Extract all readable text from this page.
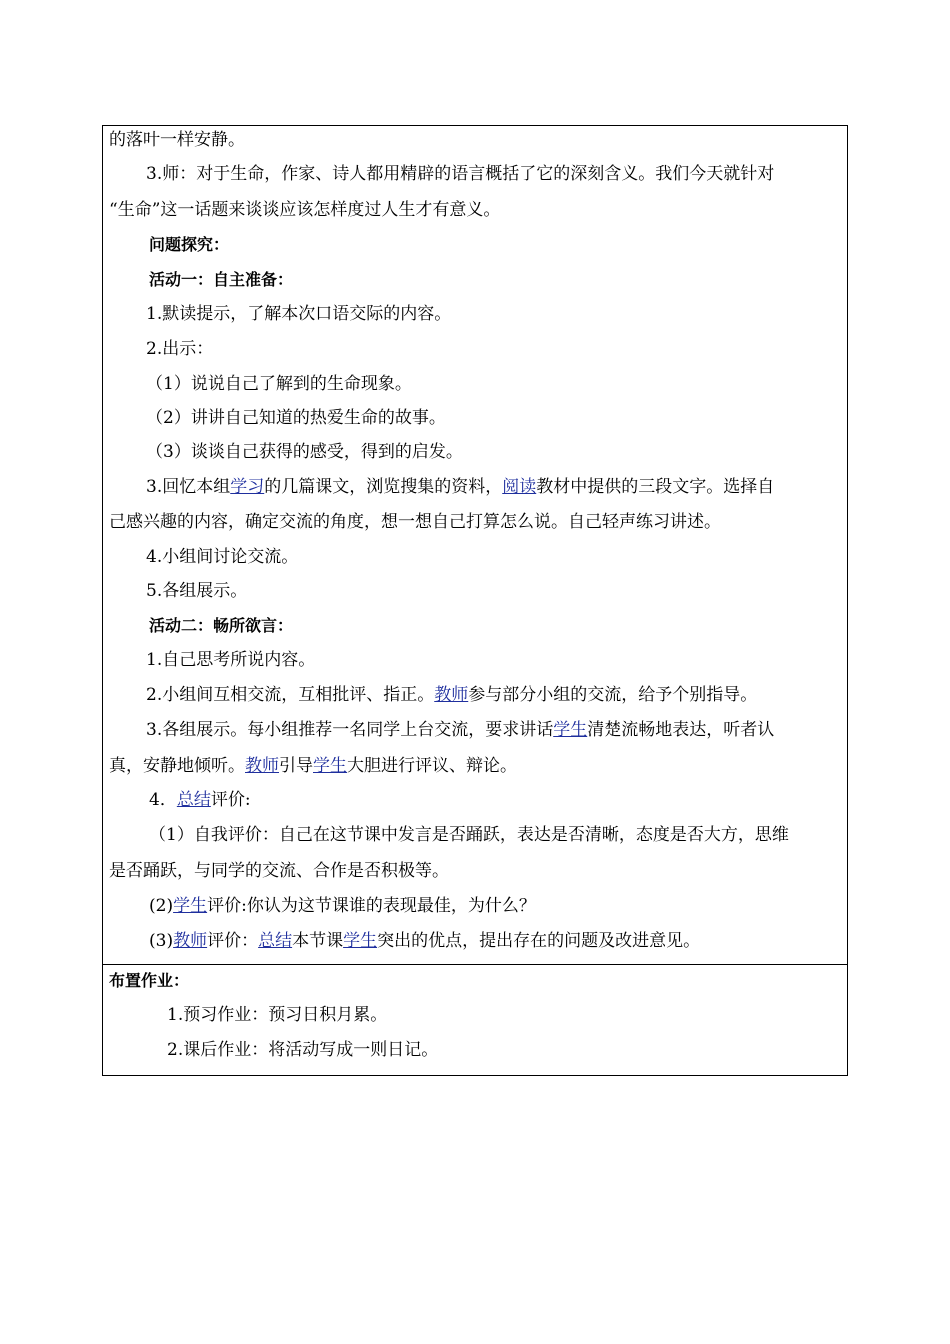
的落叶一样安静。
3.师：对于生命，作家、诗人都用精辟的语言概括了它的深刻含义。我们今天就针对
“生命”这一话题来谈谈应该怎样度过人生才有意义。
问题探究：
活动一：自主准备：
1.默读提示，了解本次口语交际的内容。
2.出示：
（1）说说自己了解到的生命现象。
（2）讲讲自己知道的热爱生命的故事。
（3）谈谈自己获得的感受，得到的启发。
3.回忆本组学习的几篇课文，浏览搜集的资料，阅读教材中提供的三段文字。选择自
己感兴趣的内容，确定交流的角度，想一想自己打算怎么说。自己轻声练习讲述。
4.小组间讨论交流。
5.各组展示。
活动二：畅所欲言：
1.自己思考所说内容。
2.小组间互相交流，互相批评、指正。教师参与部分小组的交流，给予个别指导。
3.各组展示。每小组推荐一名同学上台交流，要求讲话学生清楚流畅地表达，听者认
真，安静地倾听。教师引导学生大胆进行评议、辩论。
4．总结评价:
（1）自我评价：自己在这节课中发言是否踊跃，表达是否清晰，态度是否大方，思维
是否踊跃，与同学的交流、合作是否积极等。
(2)学生评价:你认为这节课谁的表现最佳，为什么？
(3)教师评价：总结本节课学生突出的优点，提出存在的问题及改进意见。
布置作业：
1.预习作业：预习日积月累。
2.课后作业：将活动写成一则日记。
